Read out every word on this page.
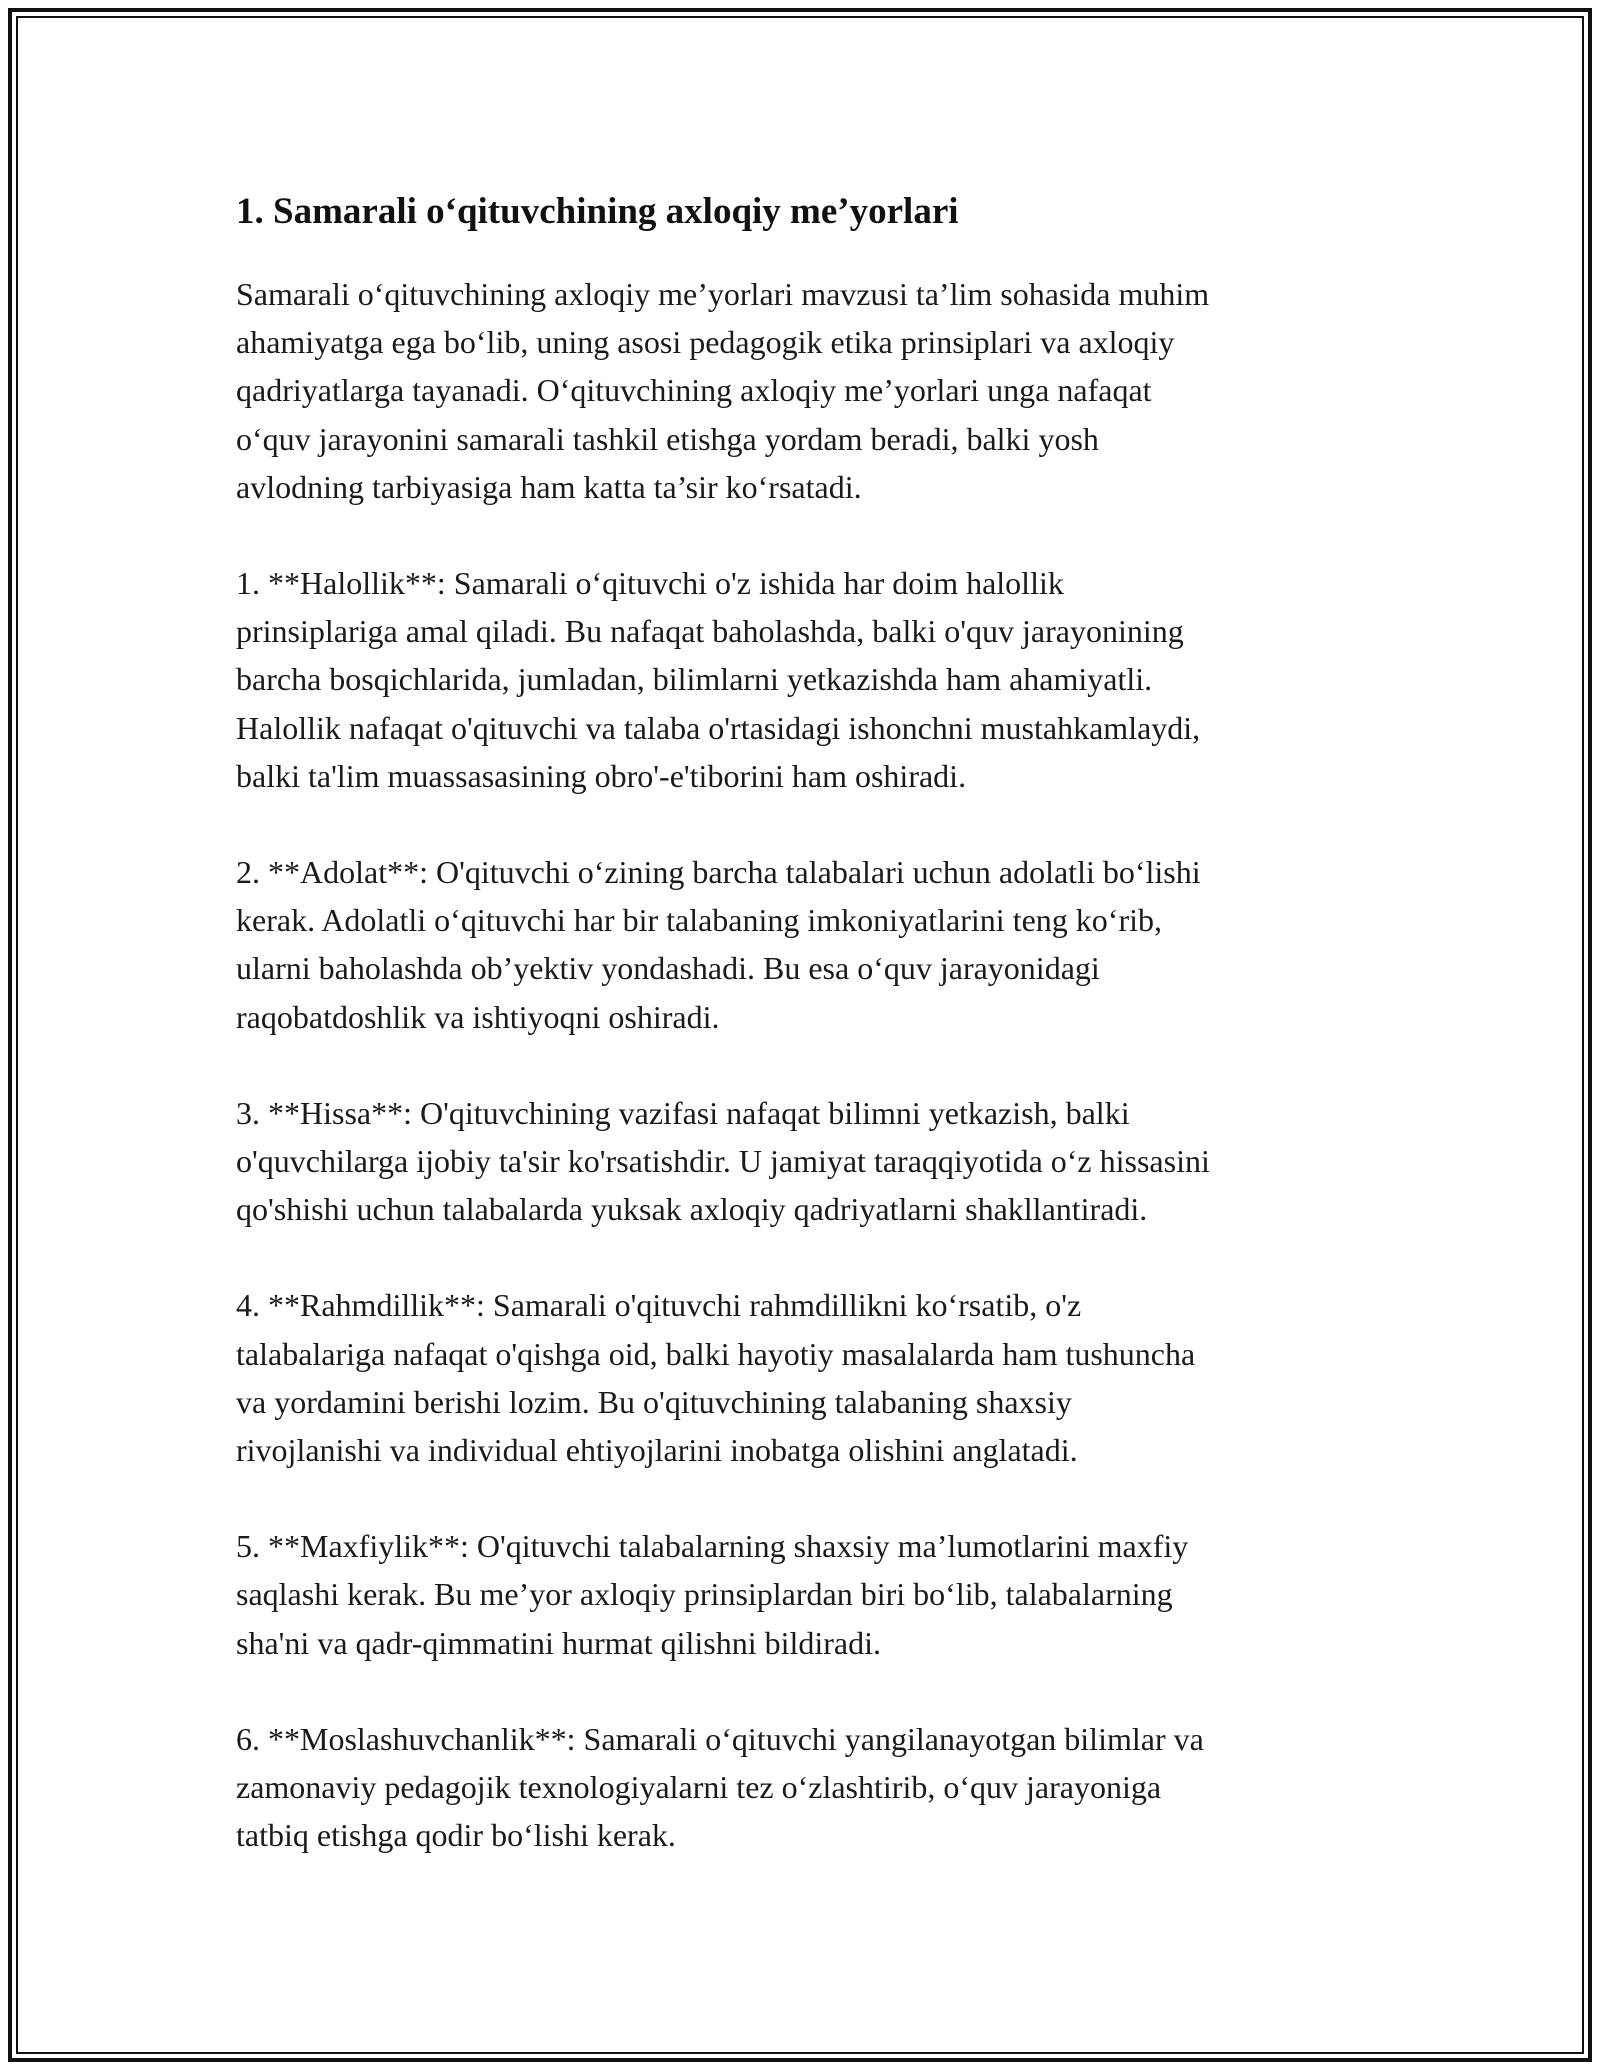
1. Samarali o‘qituvchining axloqiy me’yorlari

Samarali o‘qituvchining axloqiy me’yorlari mavzusi ta’lim sohasida muhim
ahamiyatga ega bo‘lib, uning asosi pedagogik etika prinsiplari va axloqiy
qadriyatlarga tayanadi. O‘qituvchining axloqiy me’yorlari unga nafaqat
o‘quv jarayonini samarali tashkil etishga yordam beradi, balki yosh
avlodning tarbiyasiga ham katta ta’sir ko‘rsatadi.

1. **Halollik**: Samarali o‘qituvchi o'z ishida har doim halollik
prinsiplariga amal qiladi. Bu nafaqat baholashda, balki o'quv jarayonining
barcha bosqichlarida, jumladan, bilimlarni yetkazishda ham ahamiyatli.
Halollik nafaqat o'qituvchi va talaba o'rtasidagi ishonchni mustahkamlaydi,
balki ta'lim muassasasining obro'-e'tiborini ham oshiradi.

2. **Adolat**: O'qituvchi o‘zining barcha talabalari uchun adolatli bo‘lishi
kerak. Adolatli o‘qituvchi har bir talabaning imkoniyatlarini teng ko‘rib,
ularni baholashda ob’yektiv yondashadi. Bu esa o‘quv jarayonidagi
raqobatdoshlik va ishtiyoqni oshiradi.

3. **Hissa**: O'qituvchining vazifasi nafaqat bilimni yetkazish, balki
o'quvchilarga ijobiy ta'sir ko'rsatishdir. U jamiyat taraqqiyotida o‘z hissasini
qo'shishi uchun talabalarda yuksak axloqiy qadriyatlarni shakllantiradi.

4. **Rahmdillik**: Samarali o'qituvchi rahmdillikni ko‘rsatib, o'z
talabalariga nafaqat o'qishga oid, balki hayotiy masalalarda ham tushuncha
va yordamini berishi lozim. Bu o'qituvchining talabaning shaxsiy
rivojlanishi va individual ehtiyojlarini inobatga olishini anglatadi.

5. **Maxfiylik**: O'qituvchi talabalarning shaxsiy ma’lumotlarini maxfiy
saqlashi kerak. Bu me’yor axloqiy prinsiplardan biri bo‘lib, talabalarning
sha'ni va qadr-qimmatini hurmat qilishni bildiradi.

6. **Moslashuvchanlik**: Samarali o‘qituvchi yangilanayotgan bilimlar va
zamonaviy pedagojik texnologiyalarni tez o‘zlashtirib, o‘quv jarayoniga
tatbiq etishga qodir bo‘lishi kerak.
